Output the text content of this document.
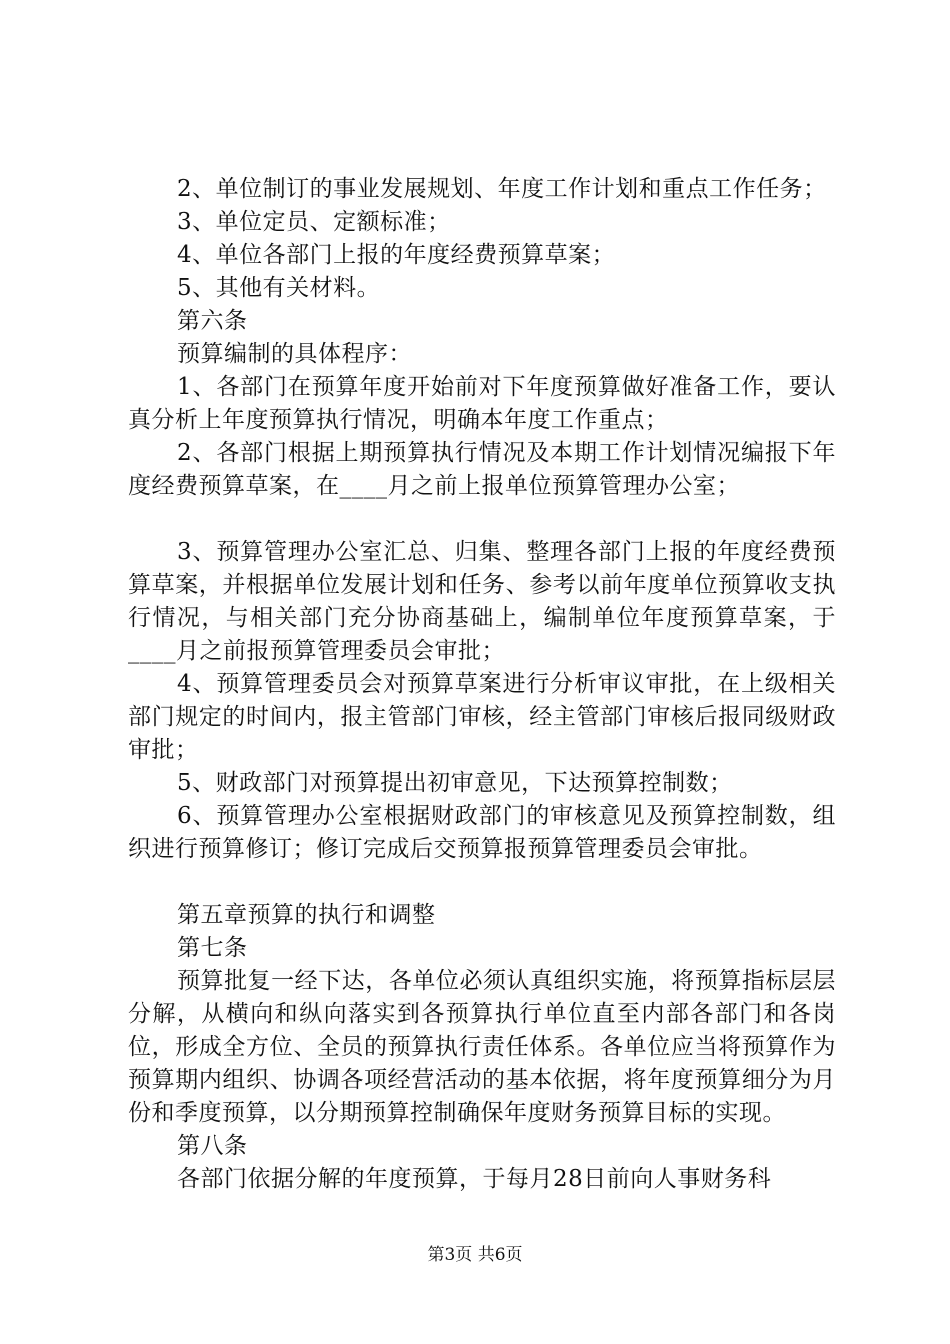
2、单位制订的事业发展规划、年度工作计划和重点工作任务；

3、单位定员、定额标准；

4、单位各部门上报的年度经费预算草案；

5、其他有关材料。

第六条

预算编制的具体程序：

1、各部门在预算年度开始前对下年度预算做好准备工作，要认真分析上年度预算执行情况，明确本年度工作重点；

2、各部门根据上期预算执行情况及本期工作计划情况编报下年度经费预算草案，在____月之前上报单位预算管理办公室；

3、预算管理办公室汇总、归集、整理各部门上报的年度经费预算草案，并根据单位发展计划和任务、参考以前年度单位预算收支执行情况，与相关部门充分协商基础上，编制单位年度预算草案，于____月之前报预算管理委员会审批；

4、预算管理委员会对预算草案进行分析审议审批，在上级相关部门规定的时间内，报主管部门审核，经主管部门审核后报同级财政审批；

5、财政部门对预算提出初审意见，下达预算控制数；

6、预算管理办公室根据财政部门的审核意见及预算控制数，组织进行预算修订；修订完成后交预算报预算管理委员会审批。

第五章预算的执行和调整

第七条

预算批复一经下达，各单位必须认真组织实施，将预算指标层层分解，从横向和纵向落实到各预算执行单位直至内部各部门和各岗位，形成全方位、全员的预算执行责任体系。各单位应当将预算作为预算期内组织、协调各项经营活动的基本依据，将年度预算细分为月份和季度预算，以分期预算控制确保年度财务预算目标的实现。

第八条

各部门依据分解的年度预算，于每月28日前向人事财务科

第3页 共6页
